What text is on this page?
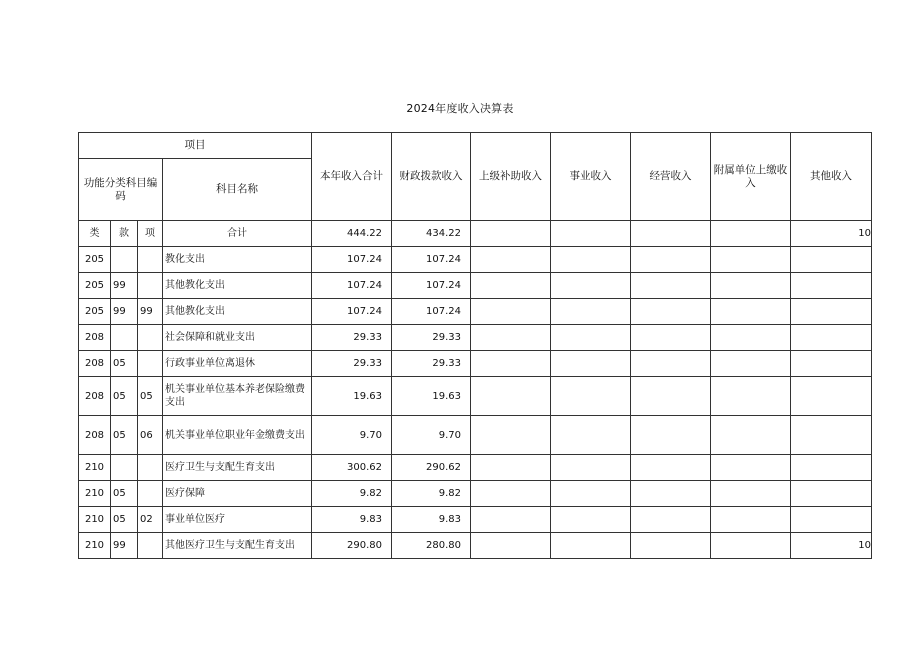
2024年度收入决算表
项目				本年收入合计	财政拨款收入	上级补助收入	事业收入	经营收入	附属单位上缴收入	其他收入
功能分类科目编码			科目名称							
类	款	项	合计	444.22	434.22					10
205			教化支出	107.24	107.24					
205	99		其他教化支出	107.24	107.24					
205	99	99	其他教化支出	107.24	107.24					
208			社会保障和就业支出	29.33	29.33					
208	05		行政事业单位离退休	29.33	29.33					
208	05	05	机关事业单位基本养老保险缴费支出	19.63	19.63					
208	05	06	机关事业单位职业年金缴费支出	9.70	9.70					
210			医疗卫生与支配生育支出	300.62	290.62					
210	05		医疗保障	9.82	9.82					
210	05	02	事业单位医疗	9.83	9.83					
210	99		其他医疗卫生与支配生育支出	290.80	280.80					10
